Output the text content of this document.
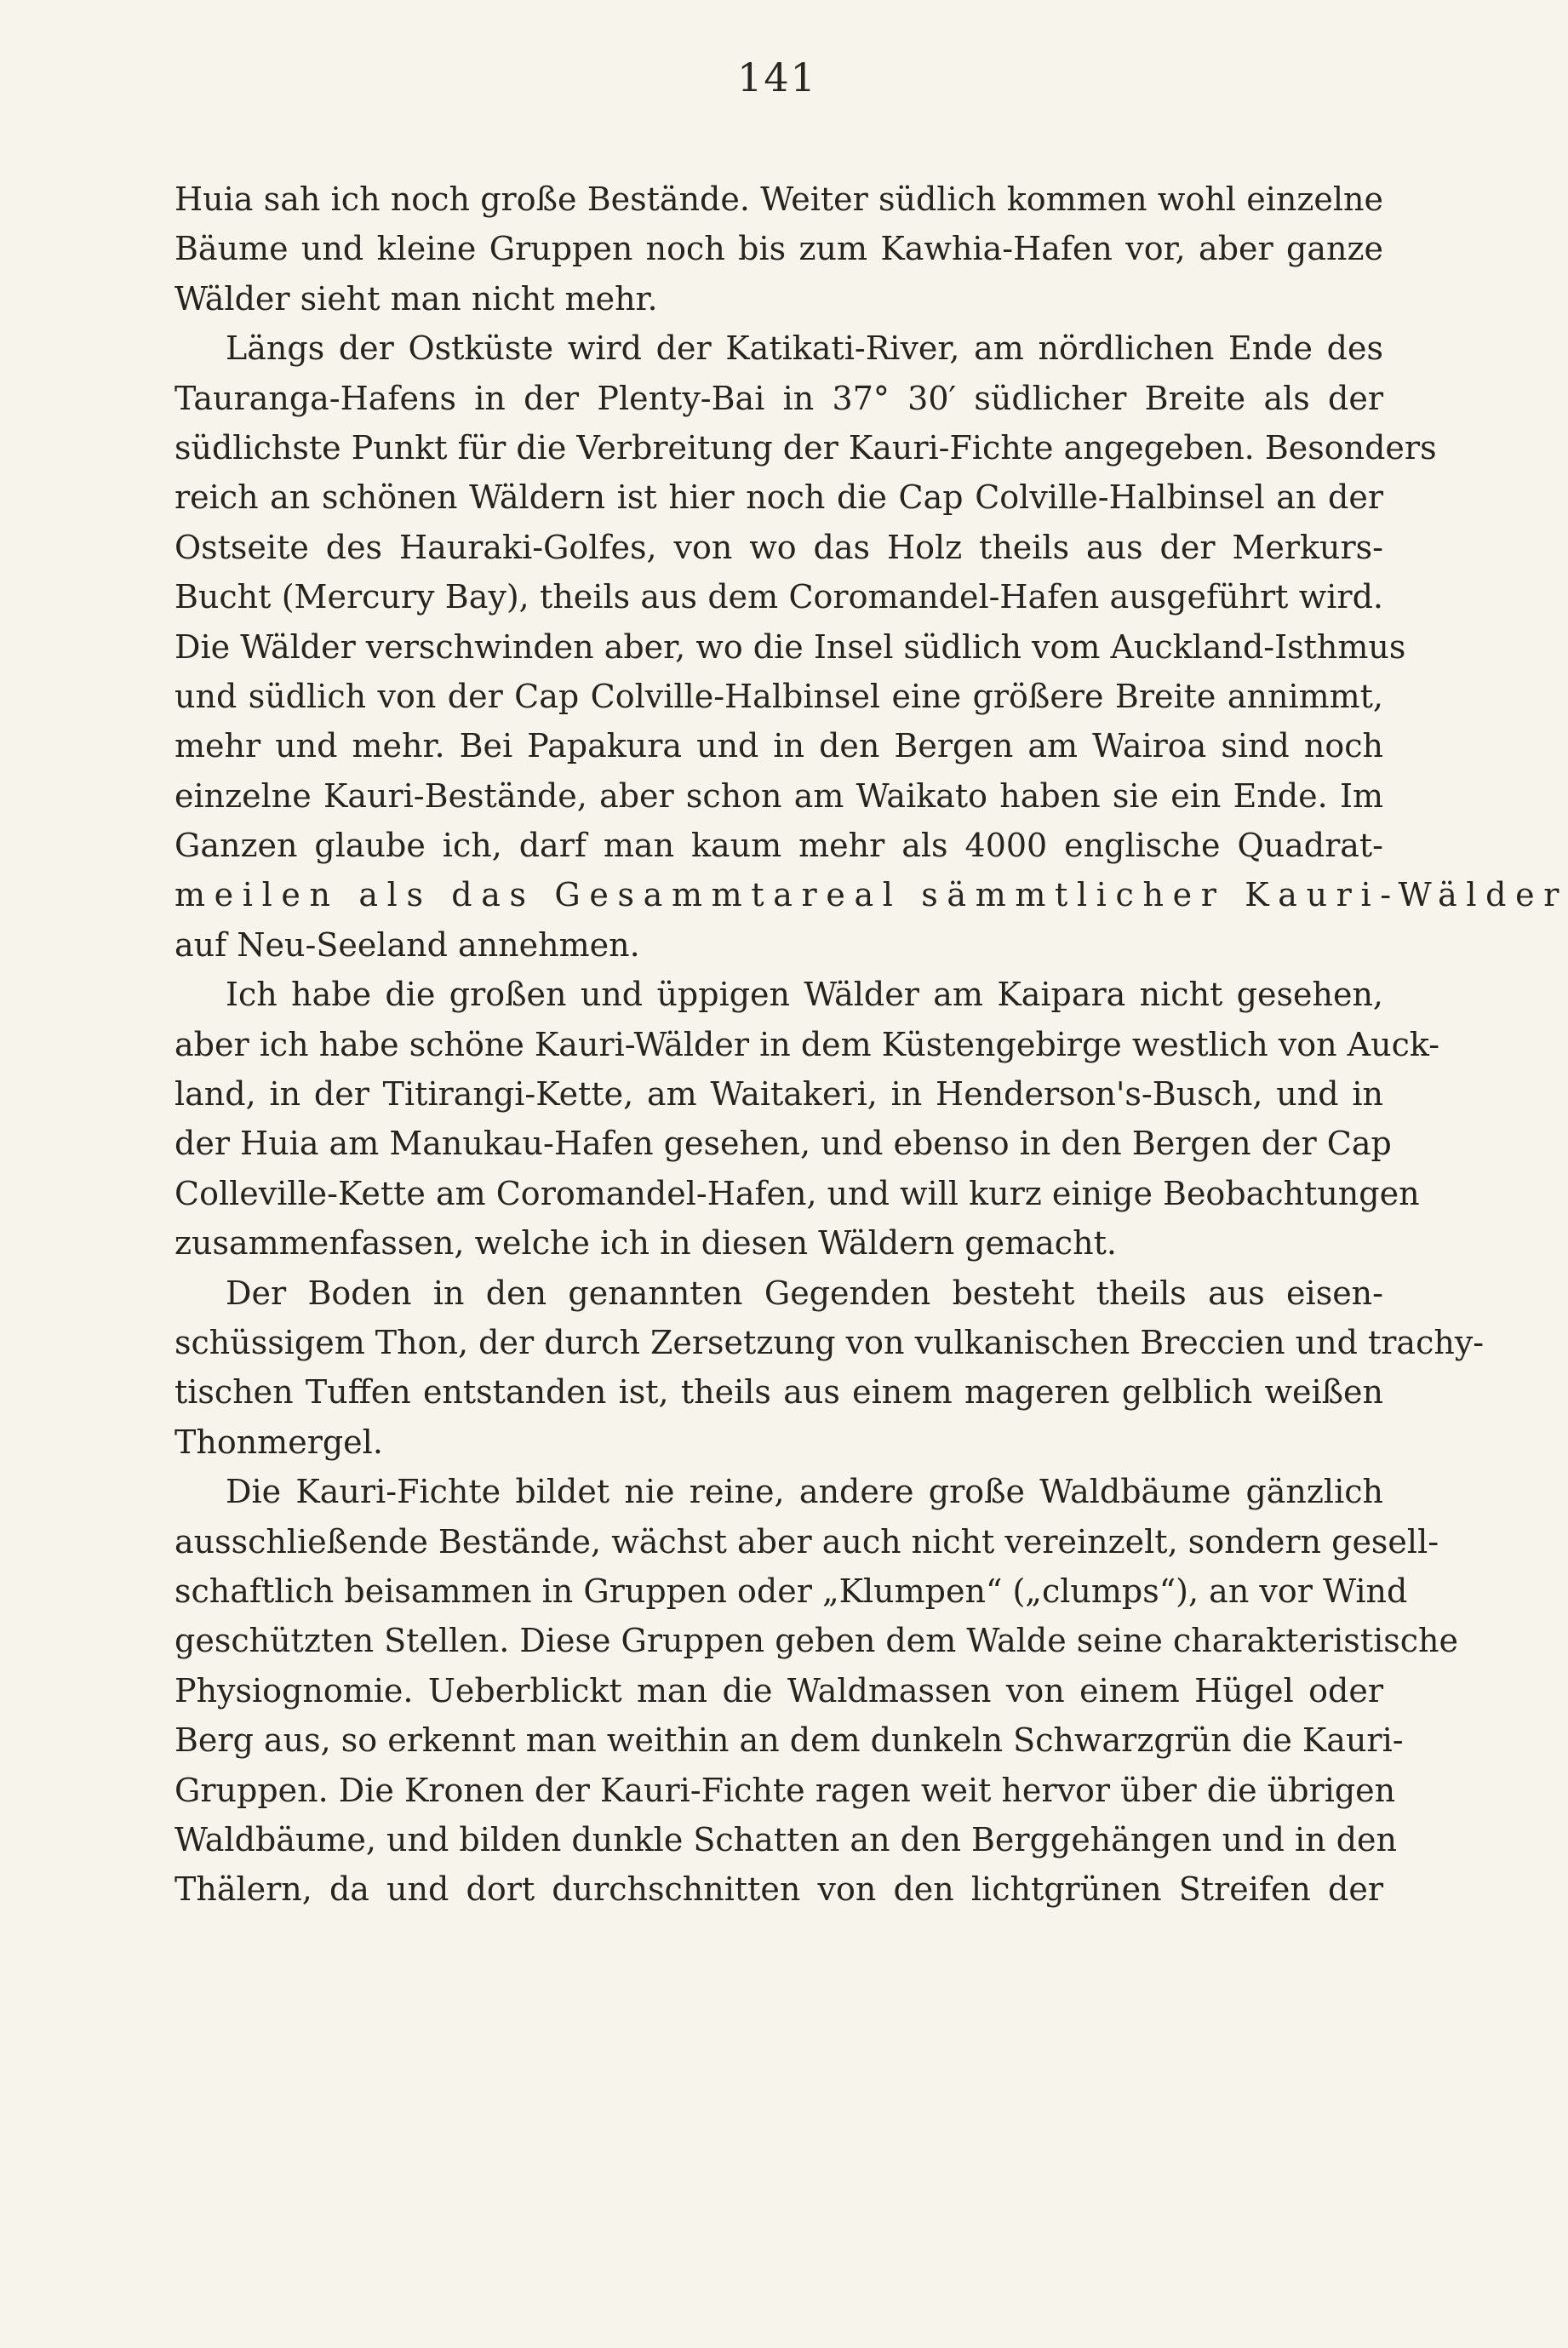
141
Huia sah ich noch große Bestände. Weiter südlich kommen wohl einzelne
Bäume und kleine Gruppen noch bis zum Kawhia-Hafen vor, aber ganze
Wälder sieht man nicht mehr.
Längs der Ostküste wird der Katikati-River, am nördlichen Ende des
Tauranga-Hafens in der Plenty-Bai in 37° 30′ südlicher Breite als der
südlichste Punkt für die Verbreitung der Kauri-Fichte angegeben. Besonders
reich an schönen Wäldern ist hier noch die Cap Colville-Halbinsel an der
Ostseite des Hauraki-Golfes, von wo das Holz theils aus der Merkurs-
Bucht (Mercury Bay), theils aus dem Coromandel-Hafen ausgeführt wird.
Die Wälder verschwinden aber, wo die Insel südlich vom Auckland-Isthmus
und südlich von der Cap Colville-Halbinsel eine größere Breite annimmt,
mehr und mehr. Bei Papakura und in den Bergen am Wairoa sind noch
einzelne Kauri-Bestände, aber schon am Waikato haben sie ein Ende. Im
Ganzen glaube ich, darf man kaum mehr als 4000 englische Quadrat-
meilen als das Gesammtareal sämmtlicher Kauri-Wälder
auf Neu-Seeland annehmen.
Ich habe die großen und üppigen Wälder am Kaipara nicht gesehen,
aber ich habe schöne Kauri-Wälder in dem Küstengebirge westlich von Auck-
land, in der Titirangi-Kette, am Waitakeri, in Henderson's-Busch, und in
der Huia am Manukau-Hafen gesehen, und ebenso in den Bergen der Cap
Colleville-Kette am Coromandel-Hafen, und will kurz einige Beobachtungen
zusammenfassen, welche ich in diesen Wäldern gemacht.
Der Boden in den genannten Gegenden besteht theils aus eisen-
schüssigem Thon, der durch Zersetzung von vulkanischen Breccien und trachy-
tischen Tuffen entstanden ist, theils aus einem mageren gelblich weißen
Thonmergel.
Die Kauri-Fichte bildet nie reine, andere große Waldbäume gänzlich
ausschließende Bestände, wächst aber auch nicht vereinzelt, sondern gesell-
schaftlich beisammen in Gruppen oder „Klumpen“ („clumps“), an vor Wind
geschützten Stellen. Diese Gruppen geben dem Walde seine charakteristische
Physiognomie. Ueberblickt man die Waldmassen von einem Hügel oder
Berg aus, so erkennt man weithin an dem dunkeln Schwarzgrün die Kauri-
Gruppen. Die Kronen der Kauri-Fichte ragen weit hervor über die übrigen
Waldbäume, und bilden dunkle Schatten an den Berggehängen und in den
Thälern, da und dort durchschnitten von den lichtgrünen Streifen der
